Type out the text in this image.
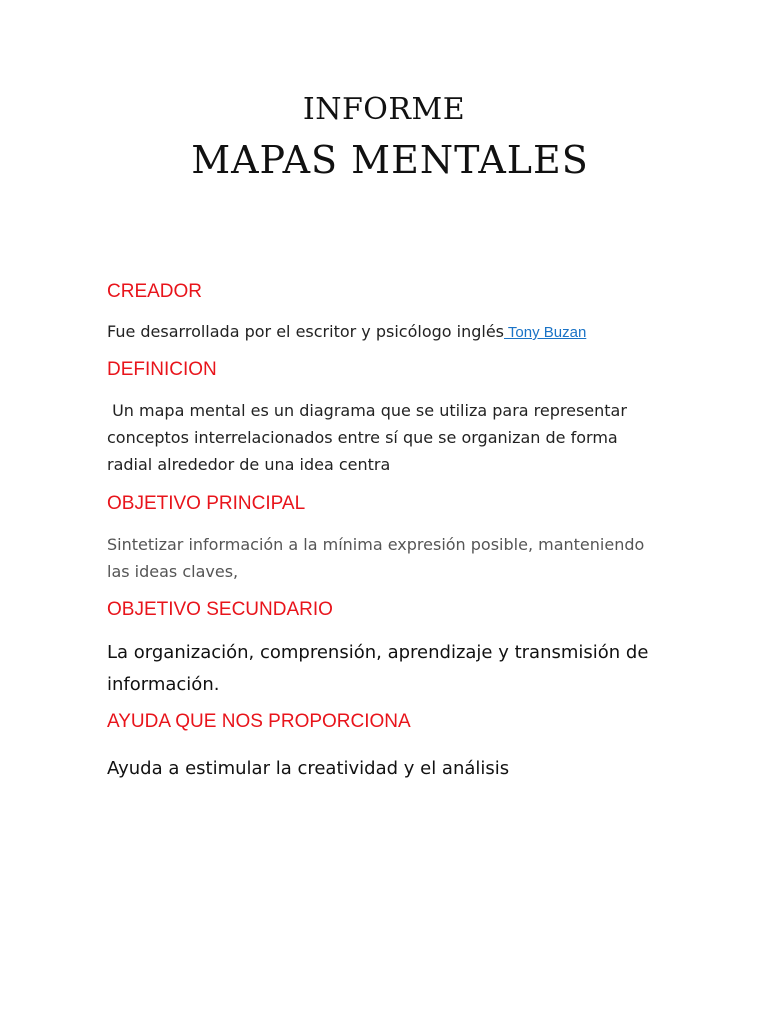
INFORME
MAPAS MENTALES
CREADOR
Fue desarrollada por el escritor y psicólogo inglés Tony Buzan
DEFINICION
Un mapa mental es un diagrama que se utiliza para representar
conceptos interrelacionados entre sí que se organizan de forma
radial alrededor de una idea centra
OBJETIVO PRINCIPAL
Sintetizar información a la mínima expresión posible, manteniendo
las ideas claves,
OBJETIVO SECUNDARIO
La organización, comprensión, aprendizaje y transmisión de
información.
AYUDA QUE NOS PROPORCIONA
Ayuda a estimular la creatividad y el análisis
